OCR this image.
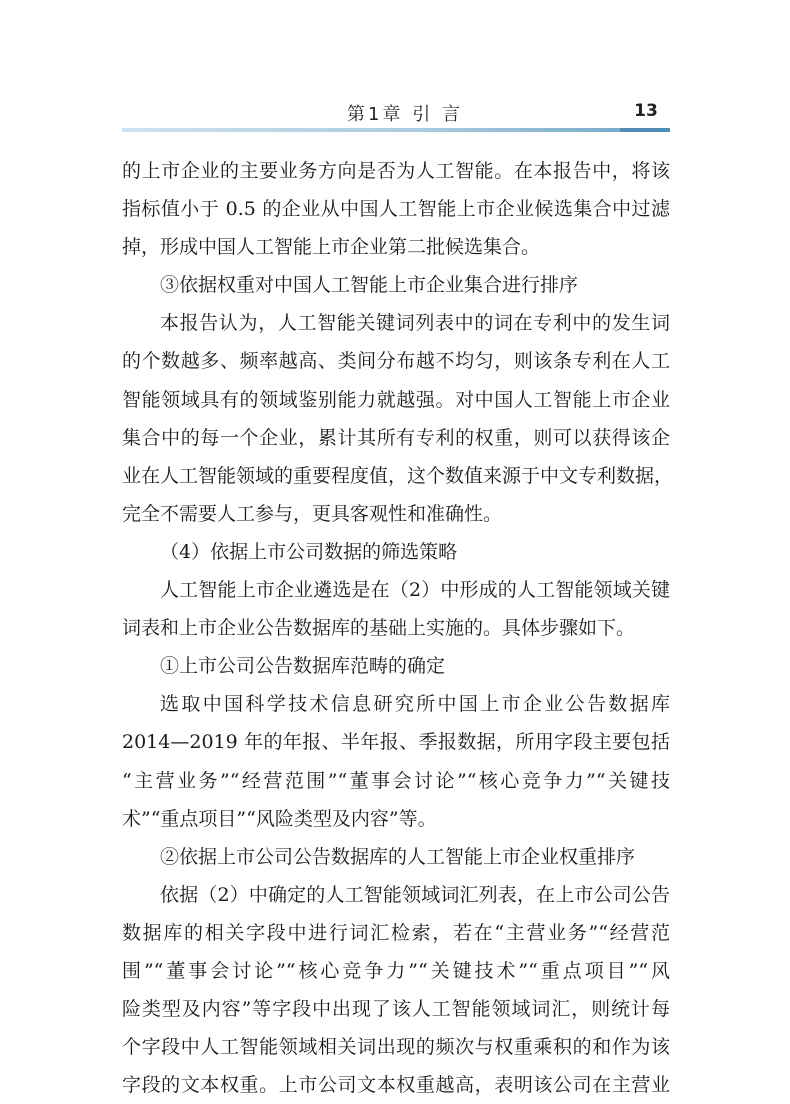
第1章 引 言	13
的上市企业的主要业务方向是否为人工智能。在本报告中，将该
指标值小于 0.5 的企业从中国人工智能上市企业候选集合中过滤
掉，形成中国人工智能上市企业第二批候选集合。
③依据权重对中国人工智能上市企业集合进行排序
本报告认为，人工智能关键词列表中的词在专利中的发生词
的个数越多、频率越高、类间分布越不均匀，则该条专利在人工
智能领域具有的领域鉴别能力就越强。对中国人工智能上市企业
集合中的每一个企业，累计其所有专利的权重，则可以获得该企
业在人工智能领域的重要程度值，这个数值来源于中文专利数据，
完全不需要人工参与，更具客观性和准确性。
（4）依据上市公司数据的筛选策略
人工智能上市企业遴选是在（2）中形成的人工智能领域关键
词表和上市企业公告数据库的基础上实施的。具体步骤如下。
①上市公司公告数据库范畴的确定
选取中国科学技术信息研究所中国上市企业公告数据库
2014—2019 年的年报、半年报、季报数据，所用字段主要包括
“主营业务”“经营范围”“董事会讨论”“核心竞争力”“关键技
术”“重点项目”“风险类型及内容”等。
②依据上市公司公告数据库的人工智能上市企业权重排序
依据（2）中确定的人工智能领域词汇列表，在上市公司公告
数据库的相关字段中进行词汇检索，若在“主营业务”“经营范
围”“董事会讨论”“核心竞争力”“关键技术”“重点项目”“风
险类型及内容”等字段中出现了该人工智能领域词汇，则统计每
个字段中人工智能领域相关词出现的频次与权重乘积的和作为该
字段的文本权重。上市公司文本权重越高，表明该公司在主营业
